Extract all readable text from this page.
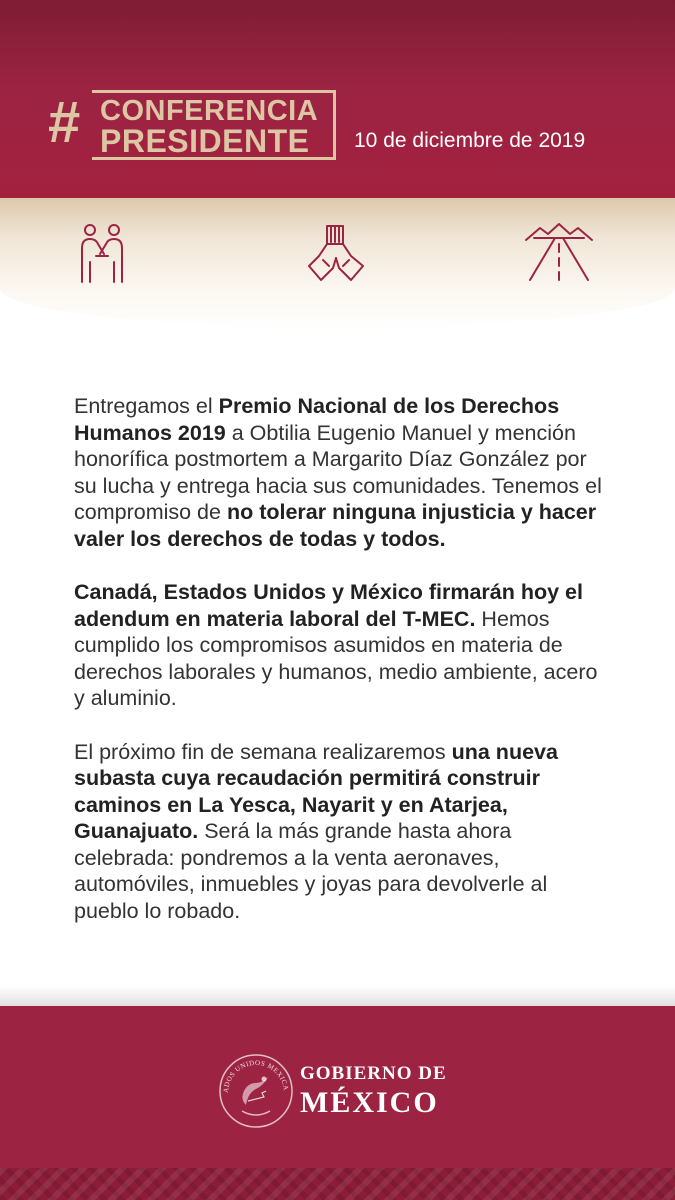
# CONFERENCIA
PRESIDENTE	10 de diciembre de 2019

Entregamos el Premio Nacional de los Derechos Humanos 2019 a Obtilia Eugenio Manuel y mención honorífica postmortem a Margarito Díaz González por su lucha y entrega hacia sus comunidades. Tenemos el compromiso de no tolerar ninguna injusticia y hacer valer los derechos de todas y todos.

Canadá, Estados Unidos y México firmarán hoy el adendum en materia laboral del T-MEC. Hemos cumplido los compromisos asumidos en materia de derechos laborales y humanos, medio ambiente, acero y aluminio.

El próximo fin de semana realizaremos una nueva subasta cuya recaudación permitirá construir caminos en La Yesca, Nayarit y en Atarjea, Guanajuato. Será la más grande hasta ahora celebrada: pondremos a la venta aeronaves, automóviles, inmuebles y joyas para devolverle al pueblo lo robado.

ADOS UNIDOS MEXICA
GOBIERNO DE
MÉXICO
